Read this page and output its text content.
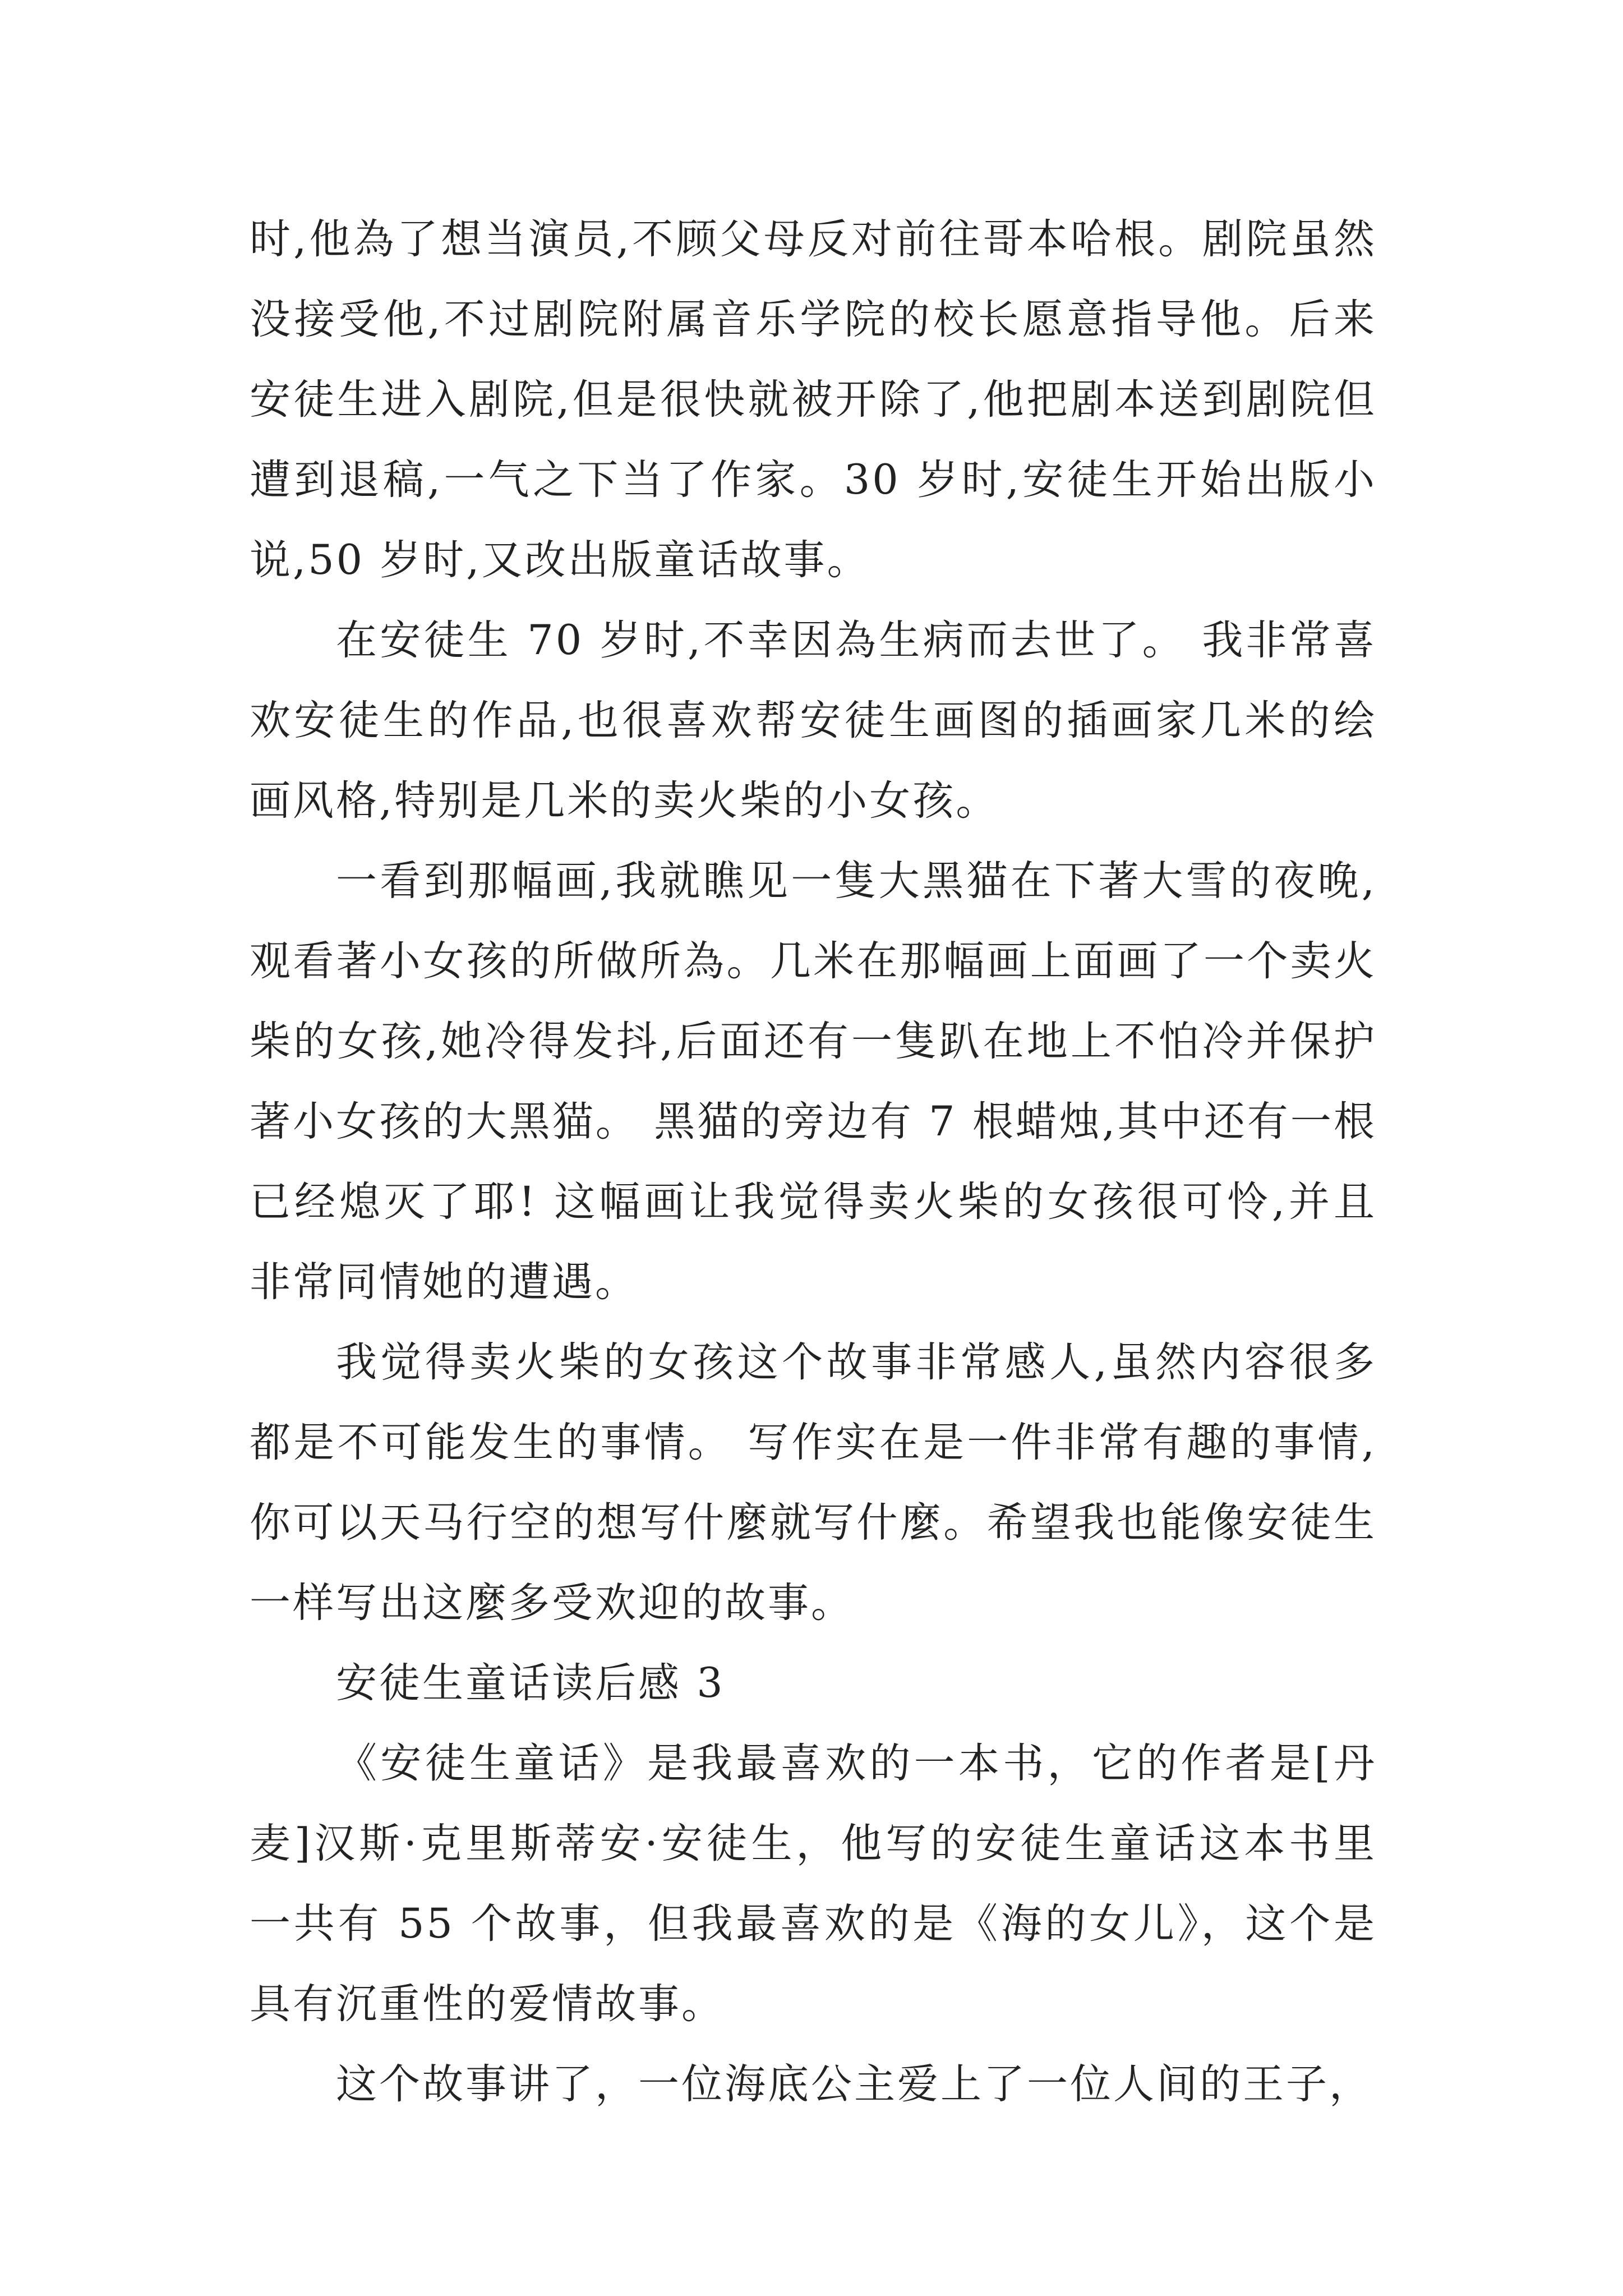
时,他為了想当演员,不顾父母反对前往哥本哈根。剧院虽然没接受他,不过剧院附属音乐学院的校长愿意指导他。后来安徒生进入剧院,但是很快就被开除了,他把剧本送到剧院但遭到退稿,一气之下当了作家。30 岁时,安徒生开始出版小说,50 岁时,又改出版童话故事。

在安徒生 70 岁时,不幸因為生病而去世了。 我非常喜欢安徒生的作品,也很喜欢帮安徒生画图的插画家几米的绘画风格,特别是几米的卖火柴的小女孩。

一看到那幅画,我就瞧见一隻大黑猫在下著大雪的夜晚,观看著小女孩的所做所為。几米在那幅画上面画了一个卖火柴的女孩,她冷得发抖,后面还有一隻趴在地上不怕冷并保护著小女孩的大黑猫。 黑猫的旁边有 7 根蜡烛,其中还有一根已经熄灭了耶! 这幅画让我觉得卖火柴的女孩很可怜,并且非常同情她的遭遇。

我觉得卖火柴的女孩这个故事非常感人,虽然内容很多都是不可能发生的事情。 写作实在是一件非常有趣的事情,你可以天马行空的想写什麼就写什麼。希望我也能像安徒生一样写出这麼多受欢迎的故事。

安徒生童话读后感 3

《安徒生童话》是我最喜欢的一本书，它的作者是[丹麦]汉斯·克里斯蒂安·安徒生，他写的安徒生童话这本书里一共有 55 个故事，但我最喜欢的是《海的女儿》，这个是具有沉重性的爱情故事。

这个故事讲了，一位海底公主爱上了一位人间的王子，
